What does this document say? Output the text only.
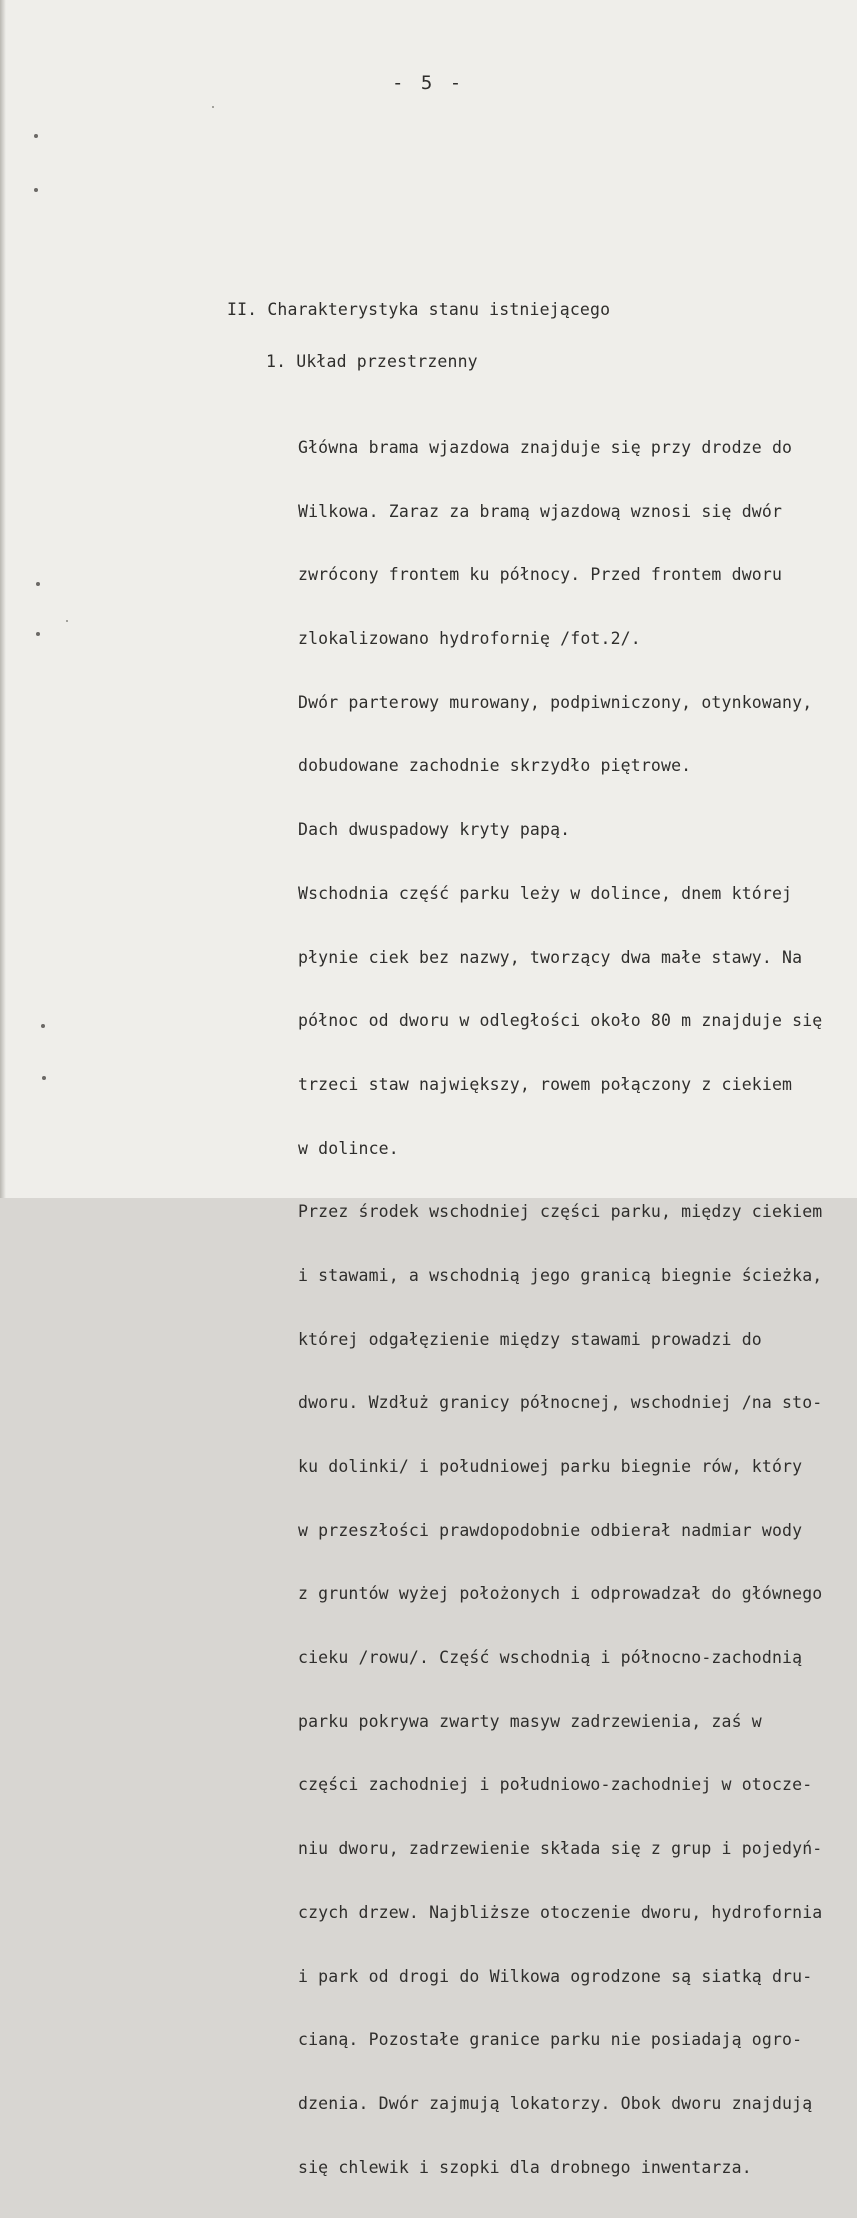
- 5 -
II. Charakterystyka stanu istniejącego
1. Układ przestrzenny

Główna brama wjazdowa znajduje się przy drodze do

Wilkowa. Zaraz za bramą wjazdową wznosi się dwór

zwrócony frontem ku północy. Przed frontem dworu

zlokalizowano hydrofornię /fot.2/.

Dwór parterowy murowany, podpiwniczony, otynkowany,

dobudowane zachodnie skrzydło piętrowe.

Dach dwuspadowy kryty papą.

Wschodnia część parku leży w dolince, dnem której

płynie ciek bez nazwy, tworzący dwa małe stawy. Na

północ od dworu w odległości około 80 m znajduje się

trzeci staw największy, rowem połączony z ciekiem

w dolince.

Przez środek wschodniej części parku, między ciekiem

i stawami, a wschodnią jego granicą biegnie ścieżka,

której odgałęzienie między stawami prowadzi do

dworu. Wzdłuż granicy północnej, wschodniej /na sto-

ku dolinki/ i południowej parku biegnie rów, który

w przeszłości prawdopodobnie odbierał nadmiar wody

z gruntów wyżej położonych i odprowadzał do głównego

cieku /rowu/. Część wschodnią i północno-zachodnią

parku pokrywa zwarty masyw zadrzewienia, zaś w

części zachodniej i południowo-zachodniej w otocze-

niu dworu, zadrzewienie składa się z grup i pojedyń-

czych drzew. Najbliższe otoczenie dworu, hydrofornia

i park od drogi do Wilkowa ogrodzone są siatką dru-

cianą. Pozostałe granice parku nie posiadają ogro-

dzenia. Dwór zajmują lokatorzy. Obok dworu znajdują

się chlewik i szopki dla drobnego inwentarza.
